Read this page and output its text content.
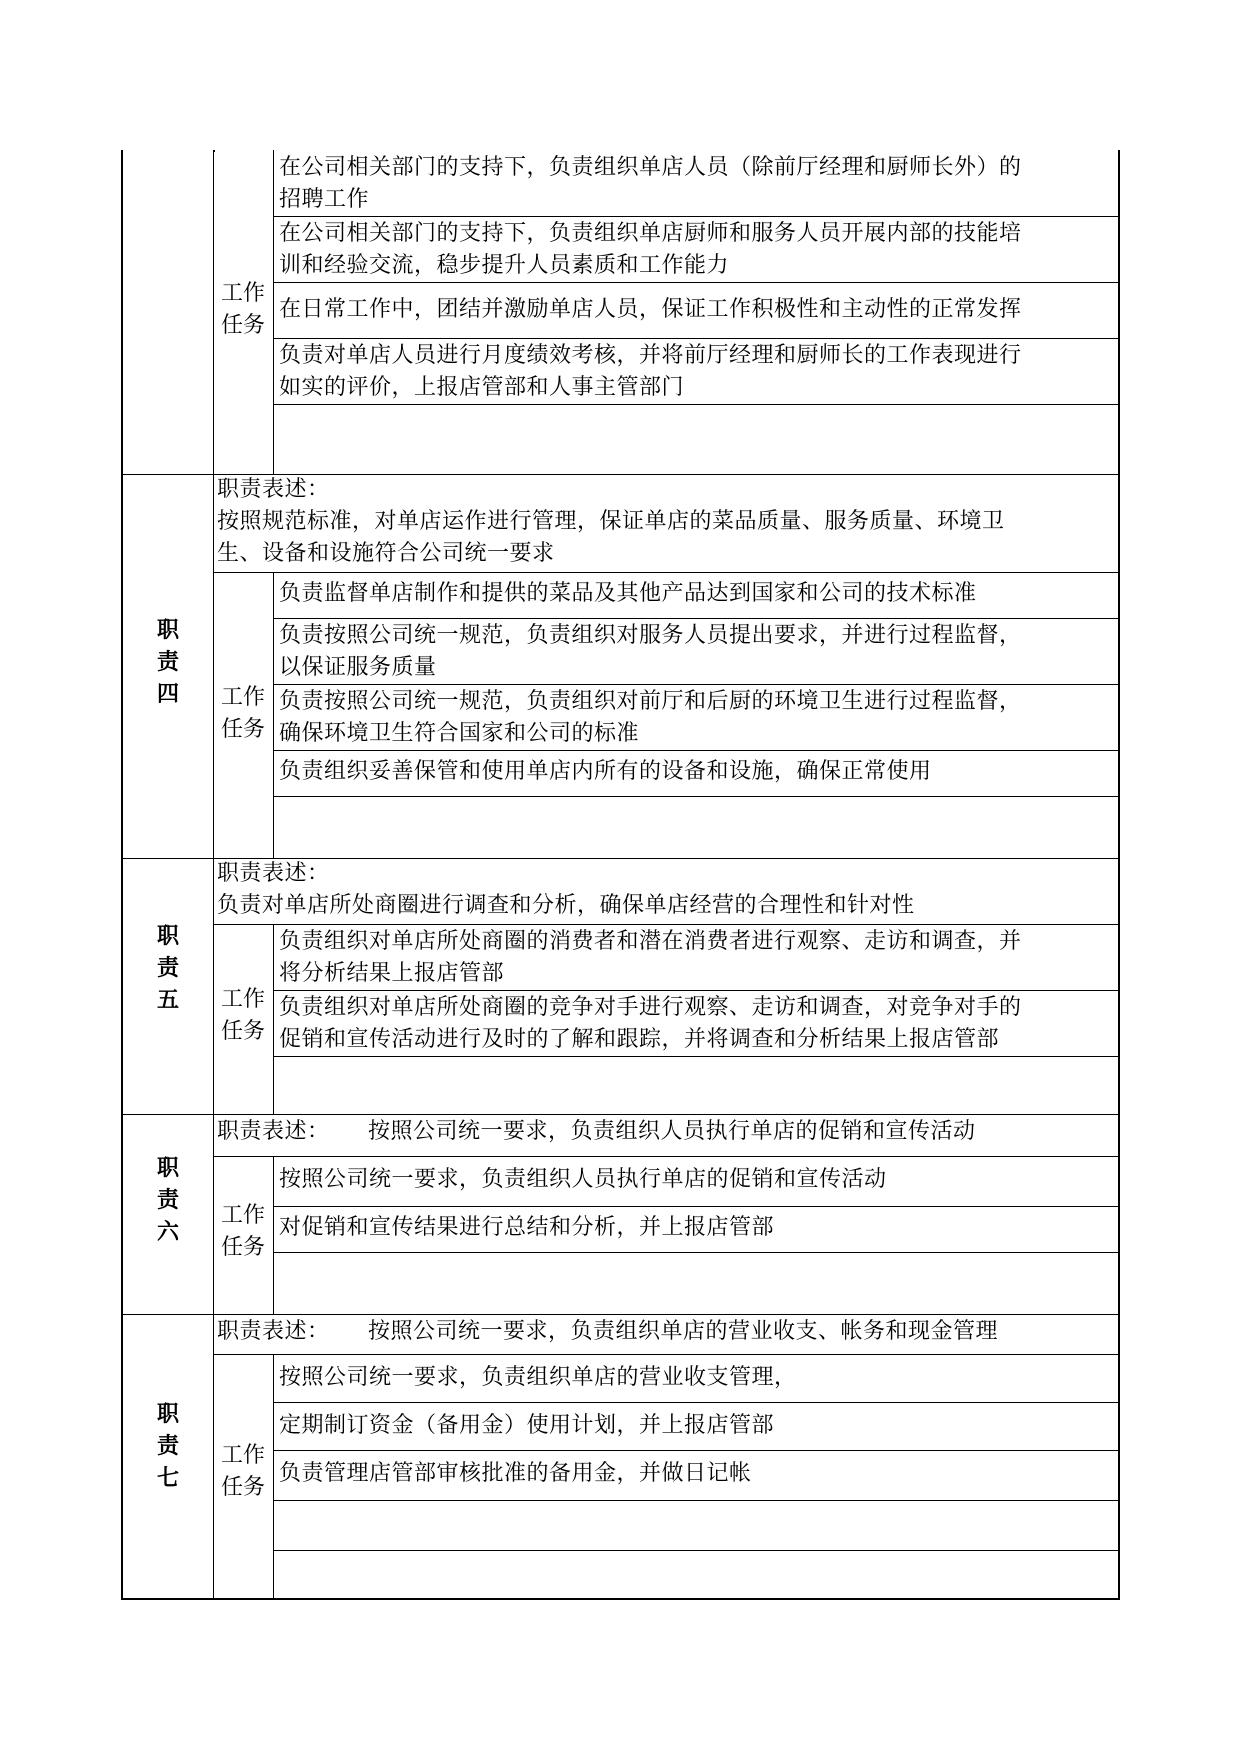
工作
任务
在公司相关部门的支持下，负责组织单店人员（除前厅经理和厨师长外）的
招聘工作
在公司相关部门的支持下，负责组织单店厨师和服务人员开展内部的技能培
训和经验交流，稳步提升人员素质和工作能力
在日常工作中，团结并激励单店人员，保证工作积极性和主动性的正常发挥
负责对单店人员进行月度绩效考核，并将前厅经理和厨师长的工作表现进行
如实的评价，上报店管部和人事主管部门
职
责
四
职责表述：
按照规范标准，对单店运作进行管理，保证单店的菜品质量、服务质量、环境卫
生、设备和设施符合公司统一要求
工作
任务
负责监督单店制作和提供的菜品及其他产品达到国家和公司的技术标准
负责按照公司统一规范，负责组织对服务人员提出要求，并进行过程监督，
以保证服务质量
负责按照公司统一规范，负责组织对前厅和后厨的环境卫生进行过程监督，
确保环境卫生符合国家和公司的标准
负责组织妥善保管和使用单店内所有的设备和设施，确保正常使用
职
责
五
职责表述：
负责对单店所处商圈进行调查和分析，确保单店经营的合理性和针对性
工作
任务
负责组织对单店所处商圈的消费者和潜在消费者进行观察、走访和调查，并
将分析结果上报店管部
负责组织对单店所处商圈的竞争对手进行观察、走访和调查，对竞争对手的
促销和宣传活动进行及时的了解和跟踪，并将调查和分析结果上报店管部
职
责
六
职责表述： 按照公司统一要求，负责组织人员执行单店的促销和宣传活动
工作
任务
按照公司统一要求，负责组织人员执行单店的促销和宣传活动
对促销和宣传结果进行总结和分析，并上报店管部
职
责
七
职责表述： 按照公司统一要求，负责组织单店的营业收支、帐务和现金管理
工作
任务
按照公司统一要求，负责组织单店的营业收支管理，
定期制订资金（备用金）使用计划，并上报店管部
负责管理店管部审核批准的备用金，并做日记帐
